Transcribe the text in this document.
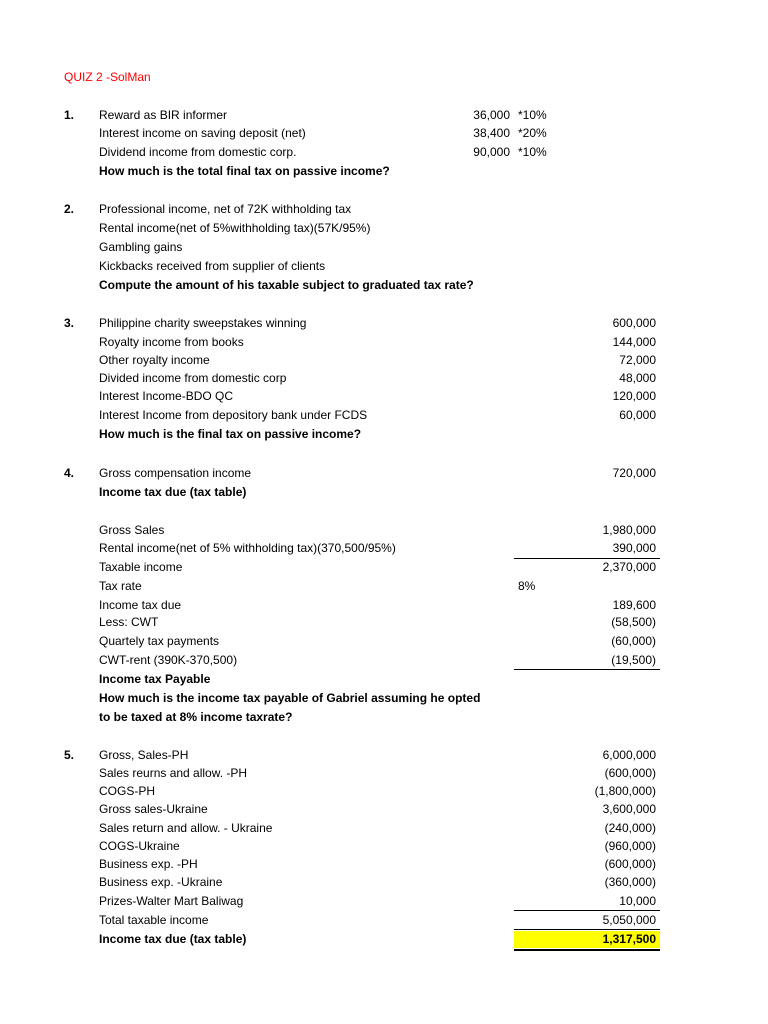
QUIZ 2 -SolMan
1. Reward as BIR informer	36,000 *10%
Interest income on saving deposit (net)	38,400 *20%
Dividend income from domestic corp.	90,000 *10%
How much is the total final tax on passive income?
2. Professional income, net of 72K withholding tax
Rental income(net of 5%withholding tax)(57K/95%)
Gambling gains
Kickbacks received from supplier of clients
Compute the amount of his taxable subject to graduated tax rate?
3. Philippine charity sweepstakes winning	600,000
Royalty income from books	144,000
Other royalty income	72,000
Divided income from domestic corp	48,000
Interest Income-BDO QC	120,000
Interest Income from depository bank under FCDS	60,000
How much is the final tax on passive income?
4. Gross compensation income	720,000
Income tax due (tax table)
Gross Sales	1,980,000
Rental income(net of 5% withholding tax)(370,500/95%)	390,000
Taxable income	2,370,000
Tax rate	8%
Income tax due	189,600
Less: CWT	(58,500)
Quartely tax payments	(60,000)
CWT-rent (390K-370,500)	(19,500)
Income tax Payable
How much is the income tax payable of Gabriel assuming he opted
to be taxed at 8% income taxrate?
5. Gross, Sales-PH	6,000,000
Sales reurns and allow. -PH	(600,000)
COGS-PH	(1,800,000)
Gross sales-Ukraine	3,600,000
Sales return and allow. - Ukraine	(240,000)
COGS-Ukraine	(960,000)
Business exp. -PH	(600,000)
Business exp. -Ukraine	(360,000)
Prizes-Walter Mart Baliwag	10,000
Total taxable income	5,050,000
Income tax due (tax table)	1,317,500
